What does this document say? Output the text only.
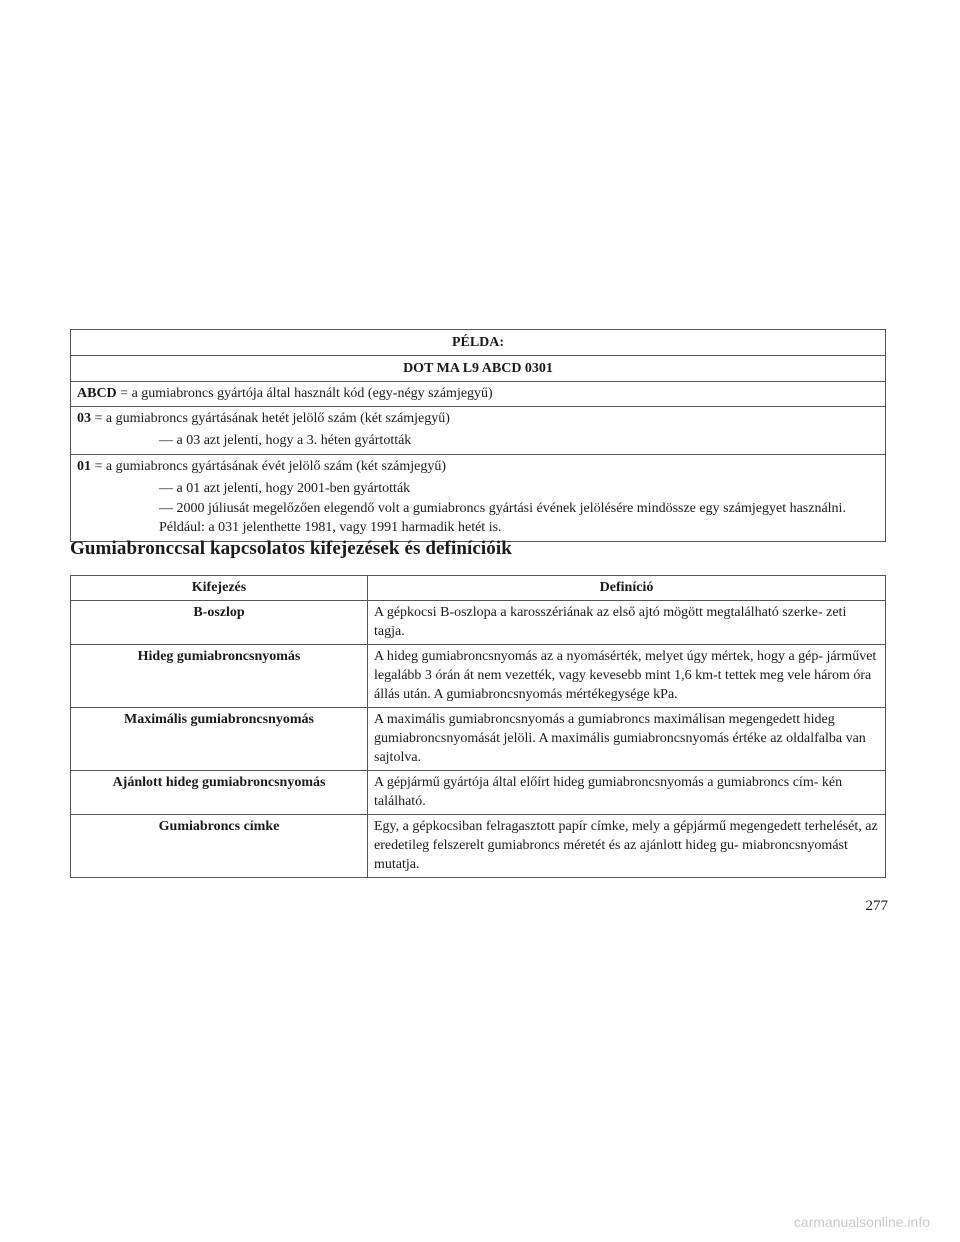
PÉLDA:
DOT MA L9 ABCD 0301
ABCD = a gumiabroncs gyártója által használt kód (egy-négy számjegyű)
03 = a gumiabroncs gyártásának hetét jelölő szám (két számjegyű)
— a 03 azt jelenti, hogy a 3. héten gyártották
01 = a gumiabroncs gyártásának évét jelölő szám (két számjegyű)
— a 01 azt jelenti, hogy 2001-ben gyártották
— 2000 júliusát megelőzően elegendő volt a gumiabroncs gyártási évének jelölésére mindössze egy számjegyet használni. Például: a 031 jelenthette 1981, vagy 1991 harmadik hetét is.
Gumiabronccsal kapcsolatos kifejezések és definícióik
Kifejezés	Definíció
B-oszlop	A gépkocsi B-oszlopa a karosszériának az első ajtó mögött megtalálható szerke- zeti tagja.
Hideg gumiabroncsnyomás	A hideg gumiabroncsnyomás az a nyomásérték, melyet úgy mértek, hogy a gép- járművet legalább 3 órán át nem vezették, vagy kevesebb mint 1,6 km-t tettek meg vele három óra állás után. A gumiabroncsnyomás mértékegysége kPa.
Maximális gumiabroncsnyomás	A maximális gumiabroncsnyomás a gumiabroncs maximálisan megengedett hideg gumiabroncsnyomását jelöli. A maximális gumiabroncsnyomás értéke az oldalfalba van sajtolva.
Ajánlott hideg gumiabroncsnyomás	A gépjármű gyártója által előírt hideg gumiabroncsnyomás a gumiabroncs cím- kén található.
Gumiabroncs címke	Egy, a gépkocsiban felragasztott papír címke, mely a gépjármű megengedett terhelését, az eredetileg felszerelt gumiabroncs méretét és az ajánlott hideg gu- miabroncsnyomást mutatja.
277
carmanualsonline.info
